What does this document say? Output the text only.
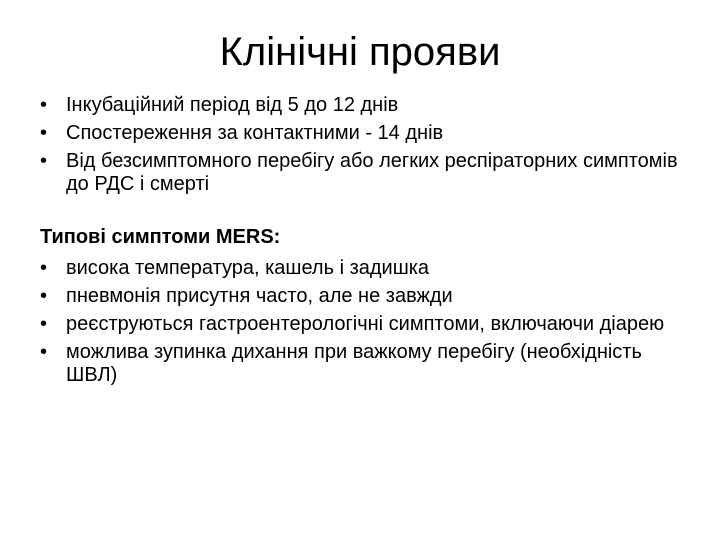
Клінічні прояви
• Інкубаційний період від 5 до 12 днів
• Спостереження за контактними - 14 днів
• Від безсимптомного перебігу або легких респіраторних симптомів до РДС і смерті

Типові симптоми MERS:

• висока температура, кашель і задишка
• пневмонія присутня часто, але не завжди
• реєструються гастроентерологічні симптоми, включаючи діарею
• можлива зупинка дихання при важкому перебігу (необхідність ШВЛ)
